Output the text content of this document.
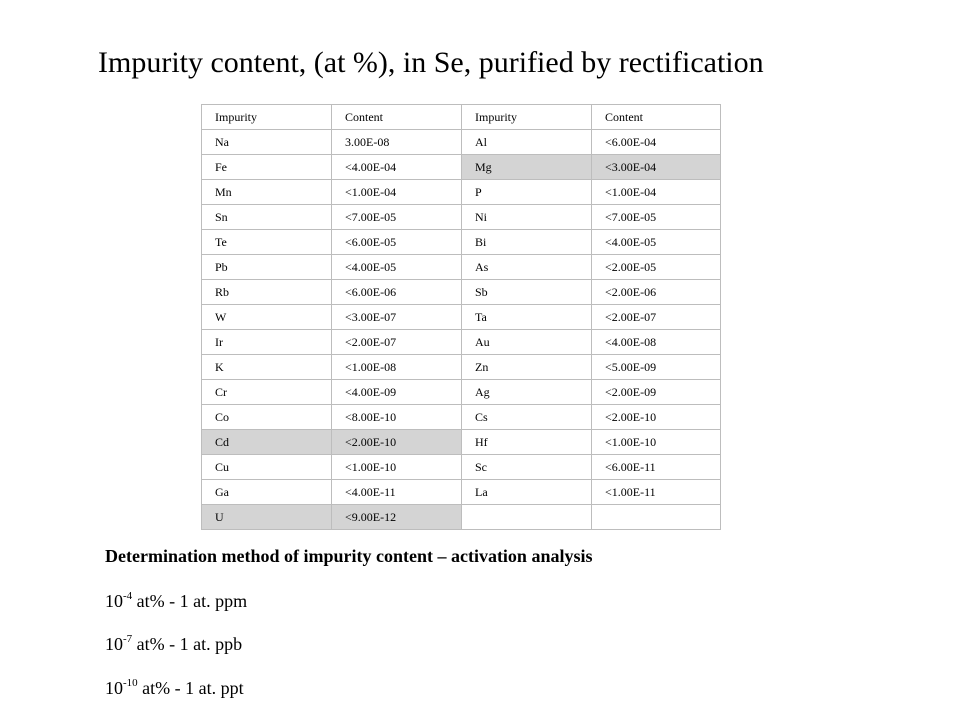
Impurity content, (at %), in Se, purified by rectification
Impurity	Content	Impurity	Content
Na	3.00E-08	Al	<6.00E-04
Fe	<4.00E-04	Mg	<3.00E-04
Mn	<1.00E-04	P	<1.00E-04
Sn	<7.00E-05	Ni	<7.00E-05
Te	<6.00E-05	Bi	<4.00E-05
Pb	<4.00E-05	As	<2.00E-05
Rb	<6.00E-06	Sb	<2.00E-06
W	<3.00E-07	Ta	<2.00E-07
Ir	<2.00E-07	Au	<4.00E-08
K	<1.00E-08	Zn	<5.00E-09
Cr	<4.00E-09	Ag	<2.00E-09
Co	<8.00E-10	Cs	<2.00E-10
Cd	<2.00E-10	Hf	<1.00E-10
Cu	<1.00E-10	Sc	<6.00E-11
Ga	<4.00E-11	La	<1.00E-11
U	<9.00E-12		

Determination method of impurity content – activation analysis

$10^{-4}$ at% - 1 at. ppm

$10^{-7}$ at% - 1 at. ppb

$10^{-10}$ at% - 1 at. ppt
